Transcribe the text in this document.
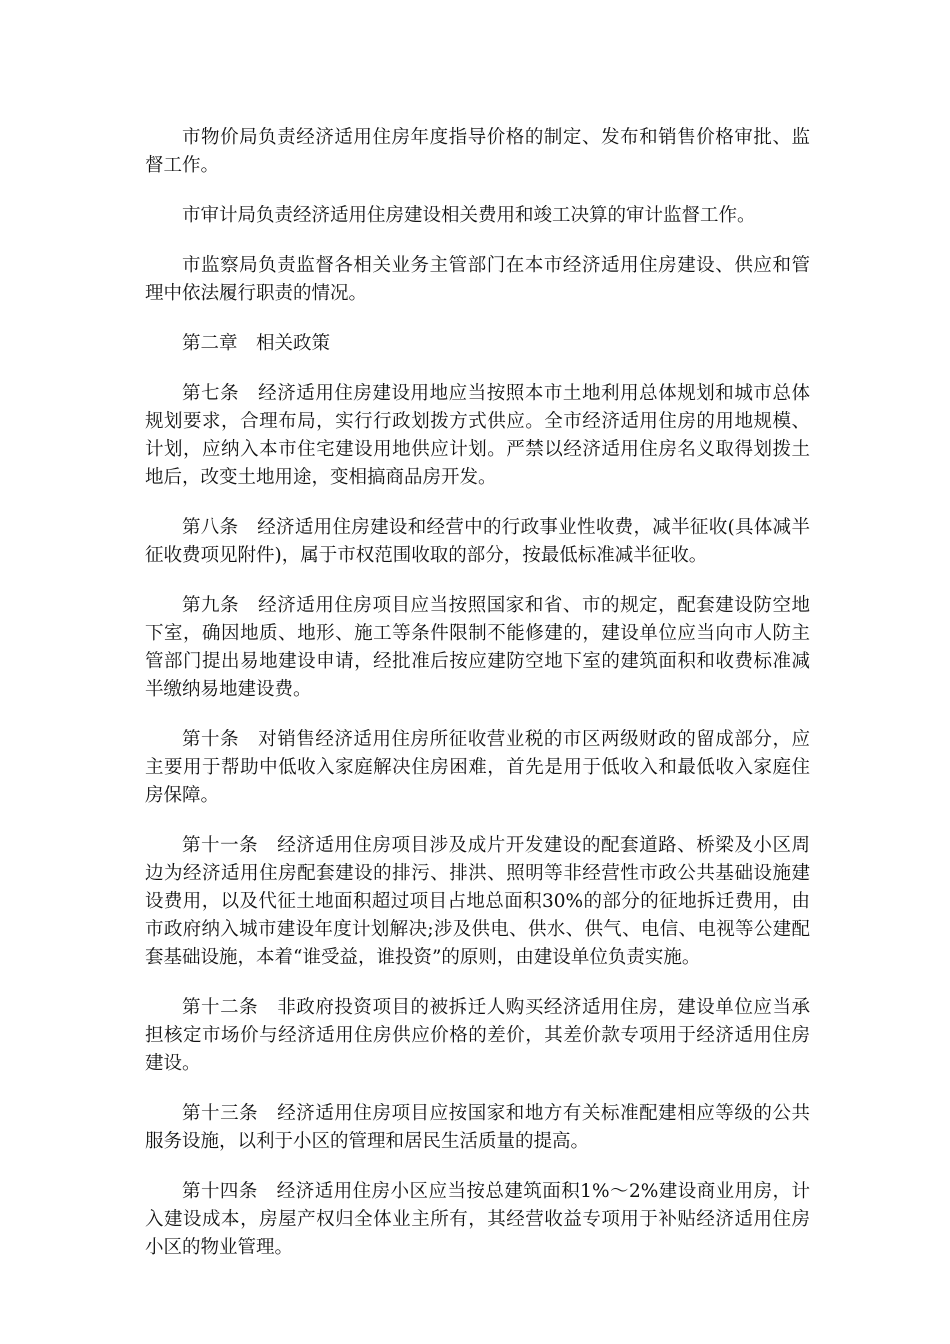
市物价局负责经济适用住房年度指导价格的制定、发布和销售价格审批、监督工作。

市审计局负责经济适用住房建设相关费用和竣工决算的审计监督工作。

市监察局负责监督各相关业务主管部门在本市经济适用住房建设、供应和管理中依法履行职责的情况。

第二章　相关政策

第七条　经济适用住房建设用地应当按照本市土地利用总体规划和城市总体规划要求，合理布局，实行行政划拨方式供应。全市经济适用住房的用地规模、计划，应纳入本市住宅建设用地供应计划。严禁以经济适用住房名义取得划拨土地后，改变土地用途，变相搞商品房开发。

第八条　经济适用住房建设和经营中的行政事业性收费，减半征收(具体减半征收费项见附件)，属于市权范围收取的部分，按最低标准减半征收。

第九条　经济适用住房项目应当按照国家和省、市的规定，配套建设防空地下室，确因地质、地形、施工等条件限制不能修建的，建设单位应当向市人防主管部门提出易地建设申请，经批准后按应建防空地下室的建筑面积和收费标准减半缴纳易地建设费。

第十条　对销售经济适用住房所征收营业税的市区两级财政的留成部分，应主要用于帮助中低收入家庭解决住房困难，首先是用于低收入和最低收入家庭住房保障。

第十一条　经济适用住房项目涉及成片开发建设的配套道路、桥梁及小区周边为经济适用住房配套建设的排污、排洪、照明等非经营性市政公共基础设施建设费用，以及代征土地面积超过项目占地总面积30%的部分的征地拆迁费用，由市政府纳入城市建设年度计划解决;涉及供电、供水、供气、电信、电视等公建配套基础设施，本着“谁受益，谁投资”的原则，由建设单位负责实施。

第十二条　非政府投资项目的被拆迁人购买经济适用住房，建设单位应当承担核定市场价与经济适用住房供应价格的差价，其差价款专项用于经济适用住房建设。

第十三条　经济适用住房项目应按国家和地方有关标准配建相应等级的公共服务设施，以利于小区的管理和居民生活质量的提高。

第十四条　经济适用住房小区应当按总建筑面积1%～2%建设商业用房，计入建设成本，房屋产权归全体业主所有，其经营收益专项用于补贴经济适用住房小区的物业管理。
